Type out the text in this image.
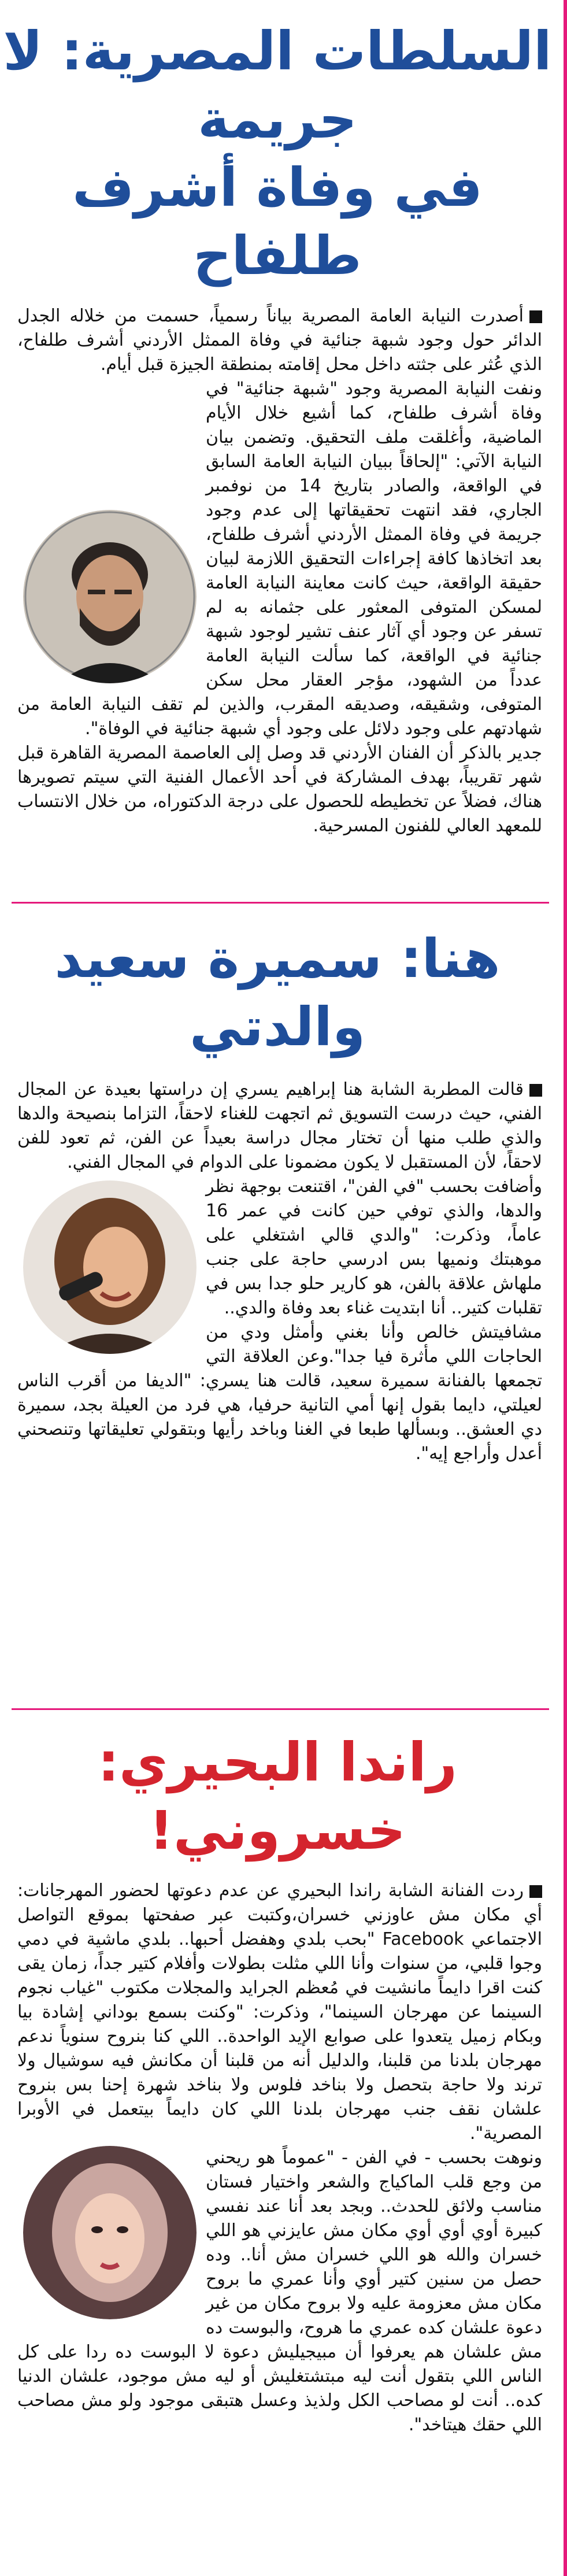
السلطات المصرية: لا جريمة
في وفاة أشرف طلفاح

أصدرت النيابة العامة المصرية بياناً رسمياً، حسمت من خلاله الجدل الدائر حول وجود شبهة جنائية في وفاة الممثل الأردني أشرف طلفاح، الذي عُثر على جثته داخل محل إقامته بمنطقة الجيزة قبل أيام.

ونفت النيابة المصرية وجود "شبهة جنائية" في وفاة أشرف طلفاح، كما أشيع خلال الأيام الماضية، وأغلقت ملف التحقيق. وتضمن بيان النيابة الآتي: "إلحاقاً ببيان النيابة العامة السابق في الواقعة، والصادر بتاريخ 14 من نوفمبر الجاري، فقد انتهت تحقيقاتها إلى عدم وجود جريمة في وفاة الممثل الأردني أشرف طلفاح، بعد اتخاذها كافة إجراءات التحقيق اللازمة لبيان حقيقة الواقعة، حيث كانت معاينة النيابة العامة لمسكن المتوفى المعثور على جثمانه به لم تسفر عن وجود أي آثار عنف تشير لوجود شبهة جنائية في الواقعة، كما سألت النيابة العامة عدداً من الشهود، مؤجر العقار محل سكن المتوفى، وشقيقه، وصديقه المقرب، والذين لم تقف النيابة العامة من شهادتهم على وجود دلائل على وجود أي شبهة جنائية في الوفاة".

جدير بالذكر أن الفنان الأردني قد وصل إلى العاصمة المصرية القاهرة قبل شهر تقريباً، بهدف المشاركة في أحد الأعمال الفنية التي سيتم تصويرها هناك، فضلاً عن تخطيطه للحصول على درجة الدكتوراه، من خلال الانتساب للمعهد العالي للفنون المسرحية.

هنا: سميرة سعيد والدتي

قالت المطربة الشابة هنا إبراهيم يسري إن دراستها بعيدة عن المجال الفني، حيث درست التسويق ثم اتجهت للغناء لاحقاً، التزاما بنصيحة والدها والذي طلب منها أن تختار مجال دراسة بعيداً عن الفن، ثم تعود للفن لاحقاً، لأن المستقبل لا يكون مضمونا على الدوام في المجال الفني.

وأضافت بحسب "في الفن"، اقتنعت بوجهة نظر والدها، والذي توفي حين كانت في عمر 16 عاماً، وذكرت: "والدي قالي اشتغلي على موهبتك ونميها بس ادرسي حاجة على جنب ملهاش علاقة بالفن، هو كارير حلو جدا بس في تقلبات كتير.. أنا ابتديت غناء بعد وفاة والدي..

مشافيتش خالص وأنا بغني وأمثل ودي من الحاجات اللي مأثرة فيا جدا".وعن العلاقة التي تجمعها بالفنانة سميرة سعيد، قالت هنا يسري: "الديفا من أقرب الناس لعيلتي، دايما بقول إنها أمي التانية حرفيا، هي فرد من العيلة بجد، سميرة دي العشق.. وبسألها طبعا في الغنا وباخد رأيها وبتقولي تعليقاتها وتنصحني أعدل وأراجع إيه".

راندا البحيري: خسروني!

ردت الفنانة الشابة راندا البحيري عن عدم دعوتها لحضور المهرجانات: أي مكان مش عاوزني خسران،وكتبت عبر صفحتها بموقع التواصل الاجتماعي Facebook "بحب بلدي وهفضل أحبها.. بلدي ماشية في دمي وجوا قلبي، من سنوات وأنا اللي مثلت بطولات وأفلام كتير جداً، زمان يقى كنت اقرا دايماً مانشيت في مُعظم الجرايد والمجلات مكتوب "غياب نجوم السينما عن مهرجان السينما"، وذكرت: "وكنت بسمع بوداني إشادة بيا وبكام زميل يتعدوا على صوابع الإيد الواحدة.. اللي كنا بنروح سنوياً ندعم مهرجان بلدنا من قلبنا، والدليل أنه من قلبنا أن مكانش فيه سوشيال ولا ترند ولا حاجة بتحصل ولا بناخد فلوس ولا بناخد شهرة إحنا بس بنروح علشان نقف جنب مهرجان بلدنا اللي كان دايماً بيتعمل في الأوبرا المصرية".

ونوهت بحسب - في الفن - "عموماً هو ريحني من وجع قلب الماكياج والشعر واختيار فستان مناسب ولائق للحدث.. وبجد بعد أنا عند نفسي كبيرة أوي أوي أوي مكان مش عايزني هو اللي خسران والله هو اللي خسران مش أنا.. وده حصل من سنين كتير أوي وأنا عمري ما بروح مكان مش معزومة عليه ولا بروح مكان من غير دعوة علشان كده عمري ما هروح، والبوست ده مش علشان هم يعرفوا أن مبيجيليش دعوة لا البوست ده ردا على كل الناس اللي بتقول أنت ليه مبتشتغليش أو ليه مش موجود، علشان الدنيا كده.. أنت لو مصاحب الكل ولذيذ وعسل هتبقى موجود ولو مش مصاحب اللي حقك هيتاخد".
